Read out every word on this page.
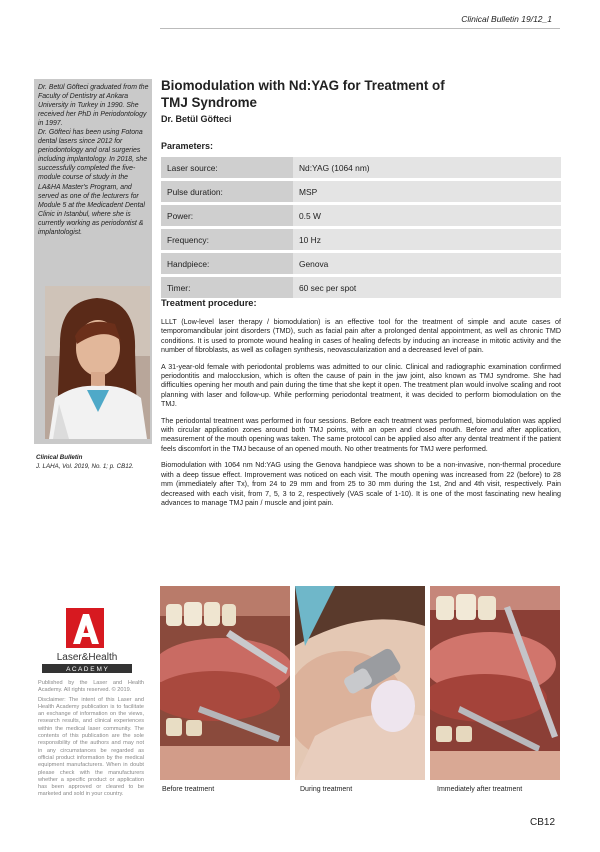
Clinical Bulletin 19/12_1

Dr. Betül Göfteci graduated from the Faculty of Dentistry at Ankara University in Turkey in 1990. She received her PhD in Periodontology in 1997.

Dr. Göfteci has been using Fotona dental lasers since 2012 for periodontology and oral surgeries including implantology. In 2018, she successfully completed the five-module course of study in the LA&HA Master's Program, and served as one of the lecturers for Module 5 at the Medicadent Dental Clinic in Istanbul, where she is currently working as periodontist & implantologist.

Clinical Bulletin
J. LAHA, Vol. 2019, No. 1; p. CB12.
Laser&Health
A C A D E M Y

Published by the Laser and Health Academy. All rights reserved. © 2019.

Disclaimer: The intent of this Laser and Health Academy publication is to facilitate an exchange of information on the views, research results, and clinical experiences within the medical laser community. The contents of this publication are the sole responsibility of the authors and may not in any circumstances be regarded as official product information by the medical equipment manufacturers. When in doubt please check with the manufacturers whether a specific product or application has been approved or cleared to be marketed and sold in your country.

Biomodulation with Nd:YAG for Treatment of TMJ Syndrome
Dr. Betül Göfteci
Parameters:
Laser source:	Nd:YAG (1064 nm)
Pulse duration:	MSP
Power:	0.5 W
Frequency:	10 Hz
Handpiece:	Genova
Timer:	60 sec per spot
Treatment procedure:

LLLT (Low-level laser therapy / biomodulation) is an effective tool for the treatment of simple and acute cases of temporomandibular joint disorders (TMD), such as facial pain after a prolonged dental appointment, as well as chronic TMD conditions. It is used to promote wound healing in cases of healing defects by inducing an increase in mitotic activity and the number of fibroblasts, as well as collagen synthesis, neovascularization and a decreased level of pain.

A 31-year-old female with periodontal problems was admitted to our clinic. Clinical and radiographic examination confirmed periodontitis and malocclusion, which is often the cause of pain in the jaw joint, also known as TMJ syndrome. She had difficulties opening her mouth and pain during the time that she kept it open. The treatment plan would involve scaling and root planning with laser and follow-up. While performing periodontal treatment, it was decided to perform biomodulation on the TMJ.

The periodontal treatment was performed in four sessions. Before each treatment was performed, biomodulation was applied with circular application zones around both TMJ points, with an open and closed mouth. Before and after application, measurement of the mouth opening was taken. The same protocol can be applied also after any dental treatment if the patient feels discomfort in the TMJ because of an opened mouth. No other treatments for TMJ were performed.

Biomodulation with 1064 nm Nd:YAG using the Genova handpiece was shown to be a non-invasive, non-thermal procedure with a deep tissue effect. Improvement was noticed on each visit. The mouth opening was increased from 22 (before) to 28 mm (immediately after Tx), from 24 to 29 mm and from 25 to 30 mm during the 1st, 2nd and 4th visit, respectively. Pain decreased with each visit, from 7, 5, 3 to 2, respectively (VAS scale of 1-10). It is one of the most fascinating new healing advances to manage TMJ pain / muscle and joint pain.

Before treatment	During treatment	Immediately after treatment
CB12
